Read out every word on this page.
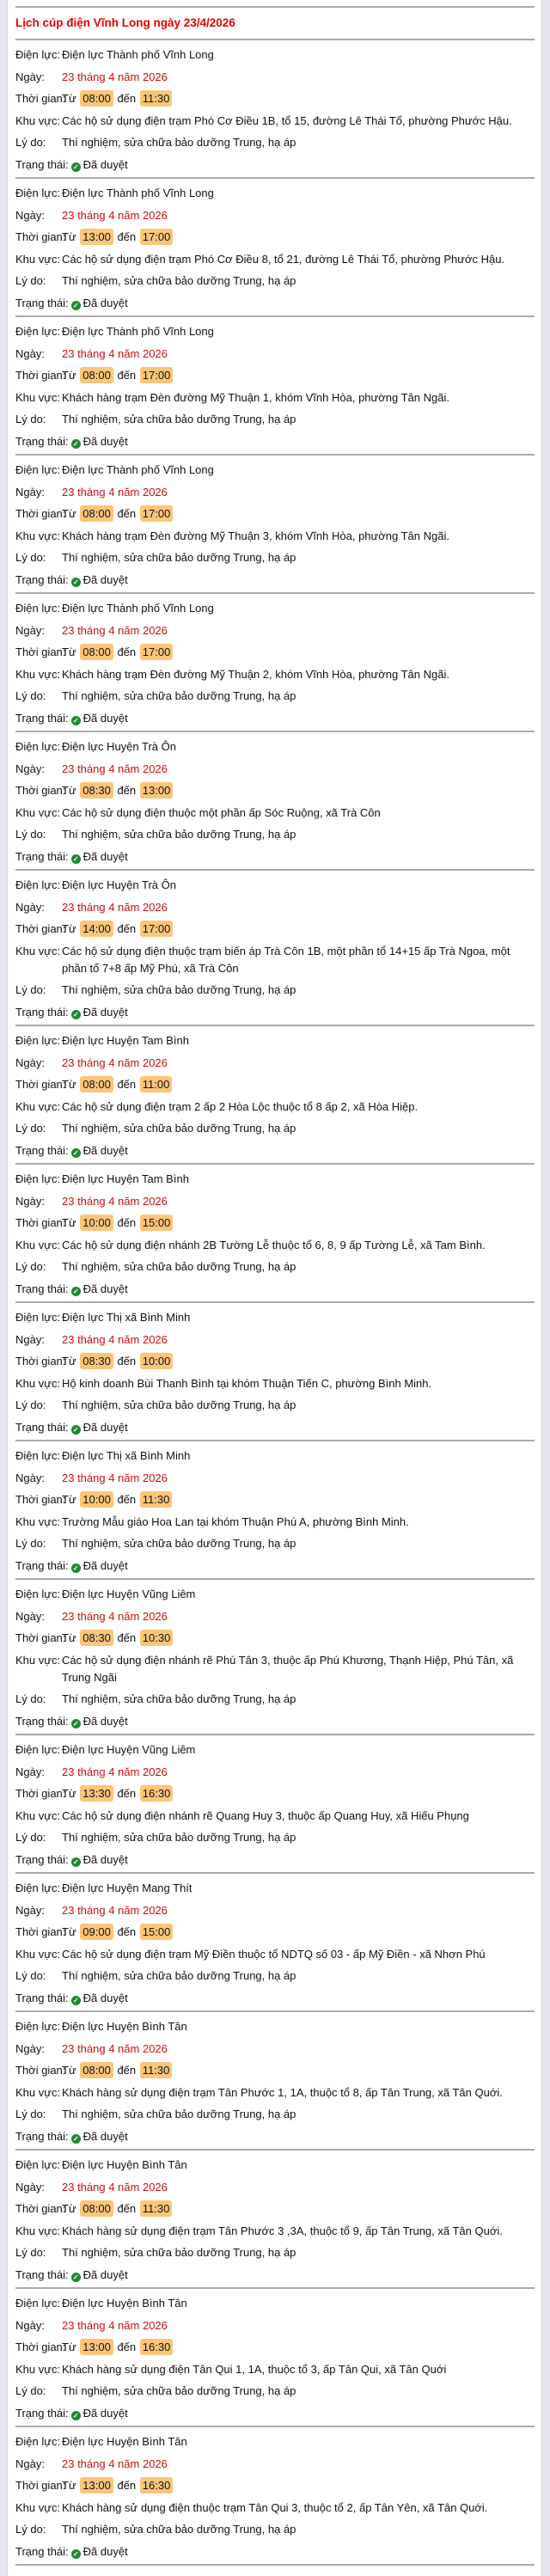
Lịch cúp điện Vĩnh Long ngày 23/4/2026
Điện lực: Điện lực Thành phố Vĩnh Long
Ngày:	23 tháng 4 năm 2026
Thời gian:
Từ 08:00 đến 11:30
Khu vực: Các hộ sử dụng điện trạm Phó Cơ Điều 1B, tổ 15, đường Lê Thái Tổ, phường Phước Hậu.
Lý do:	Thí nghiệm, sửa chữa bảo dưỡng Trung, hạ áp
Trạng thái: ✓ Đã duyệt
Điện lực: Điện lực Thành phố Vĩnh Long
Ngày:	23 tháng 4 năm 2026
Thời gian:
Từ 13:00 đến 17:00
Khu vực: Các hộ sử dụng điện trạm Phó Cơ Điều 8, tổ 21, đường Lê Thái Tổ, phường Phước Hậu.
Lý do:	Thí nghiệm, sửa chữa bảo dưỡng Trung, hạ áp
Trạng thái: ✓ Đã duyệt
Điện lực: Điện lực Thành phố Vĩnh Long
Ngày:	23 tháng 4 năm 2026
Thời gian:
Từ 08:00 đến 17:00
Khu vực: Khách hàng trạm Đèn đường Mỹ Thuận 1, khóm Vĩnh Hòa, phường Tân Ngãi.
Lý do:	Thí nghiệm, sửa chữa bảo dưỡng Trung, hạ áp
Trạng thái: ✓ Đã duyệt
Điện lực: Điện lực Thành phố Vĩnh Long
Ngày:	23 tháng 4 năm 2026
Thời gian:
Từ 08:00 đến 17:00
Khu vực: Khách hàng trạm Đèn đường Mỹ Thuận 3, khóm Vĩnh Hòa, phường Tân Ngãi.
Lý do:	Thí nghiệm, sửa chữa bảo dưỡng Trung, hạ áp
Trạng thái: ✓ Đã duyệt
Điện lực: Điện lực Thành phố Vĩnh Long
Ngày:	23 tháng 4 năm 2026
Thời gian:
Từ 08:00 đến 17:00
Khu vực: Khách hàng trạm Đèn đường Mỹ Thuận 2, khóm Vĩnh Hòa, phường Tân Ngãi.
Lý do:	Thí nghiệm, sửa chữa bảo dưỡng Trung, hạ áp
Trạng thái: ✓ Đã duyệt
Điện lực: Điện lực Huyện Trà Ôn
Ngày:	23 tháng 4 năm 2026
Thời gian:
Từ 08:30 đến 13:00
Khu vực: Các hộ sử dụng điện thuộc một phần ấp Sóc Ruộng, xã Trà Côn
Lý do:	Thí nghiệm, sửa chữa bảo dưỡng Trung, hạ áp
Trạng thái: ✓ Đã duyệt
Điện lực: Điện lực Huyện Trà Ôn
Ngày:	23 tháng 4 năm 2026
Thời gian:
Từ 14:00 đến 17:00
Khu vực: Các hộ sử dụng điện thuộc trạm biến áp Trà Côn 1B, một phần tổ 14+15 ấp Trà Ngoa, một phần tổ 7+8 ấp Mỹ Phú, xã Trà Côn
Lý do:	Thí nghiệm, sửa chữa bảo dưỡng Trung, hạ áp
Trạng thái: ✓ Đã duyệt
Điện lực: Điện lực Huyện Tam Bình
Ngày:	23 tháng 4 năm 2026
Thời gian:
Từ 08:00 đến 11:00
Khu vực: Các hộ sử dụng điện trạm 2 ấp 2 Hòa Lộc thuộc tổ 8 ấp 2, xã Hòa Hiệp.
Lý do:	Thí nghiệm, sửa chữa bảo dưỡng Trung, hạ áp
Trạng thái: ✓ Đã duyệt
Điện lực: Điện lực Huyện Tam Bình
Ngày:	23 tháng 4 năm 2026
Thời gian:
Từ 10:00 đến 15:00
Khu vực: Các hộ sử dụng điện nhánh 2B Tường Lễ thuộc tổ 6, 8, 9 ấp Tường Lễ, xã Tam Bình.
Lý do:	Thí nghiệm, sửa chữa bảo dưỡng Trung, hạ áp
Trạng thái: ✓ Đã duyệt
Điện lực: Điện lực Thị xã Bình Minh
Ngày:	23 tháng 4 năm 2026
Thời gian:
Từ 08:30 đến 10:00
Khu vực: Hộ kinh doanh Bùi Thanh Bình tại khóm Thuận Tiến C, phường Bình Minh.
Lý do:	Thí nghiệm, sửa chữa bảo dưỡng Trung, hạ áp
Trạng thái: ✓ Đã duyệt
Điện lực: Điện lực Thị xã Bình Minh
Ngày:	23 tháng 4 năm 2026
Thời gian:
Từ 10:00 đến 11:30
Khu vực: Trường Mẫu giáo Hoa Lan tại khóm Thuận Phú A, phường Bình Minh.
Lý do:	Thí nghiệm, sửa chữa bảo dưỡng Trung, hạ áp
Trạng thái: ✓ Đã duyệt
Điện lực: Điện lực Huyện Vũng Liêm
Ngày:	23 tháng 4 năm 2026
Thời gian:
Từ 08:30 đến 10:30
Khu vực: Các hộ sử dụng điện nhánh rẽ Phú Tân 3, thuộc ấp Phú Khương, Thạnh Hiệp, Phú Tân, xã Trung Ngãi
Lý do:	Thí nghiệm, sửa chữa bảo dưỡng Trung, hạ áp
Trạng thái: ✓ Đã duyệt
Điện lực: Điện lực Huyện Vũng Liêm
Ngày:	23 tháng 4 năm 2026
Thời gian:
Từ 13:30 đến 16:30
Khu vực: Các hộ sử dụng điện nhánh rẽ Quang Huy 3, thuộc ấp Quang Huy, xã Hiếu Phụng
Lý do:	Thí nghiệm, sửa chữa bảo dưỡng Trung, hạ áp
Trạng thái: ✓ Đã duyệt
Điện lực: Điện lực Huyện Mang Thít
Ngày:	23 tháng 4 năm 2026
Thời gian:
Từ 09:00 đến 15:00
Khu vực: Các hộ sử dụng điện trạm Mỹ Điền thuộc tổ NDTQ số 03 - ấp Mỹ Điền - xã Nhơn Phú
Lý do:	Thí nghiệm, sửa chữa bảo dưỡng Trung, hạ áp
Trạng thái: ✓ Đã duyệt
Điện lực: Điện lực Huyện Bình Tân
Ngày:	23 tháng 4 năm 2026
Thời gian:
Từ 08:00 đến 11:30
Khu vực: Khách hàng sử dụng điện trạm Tân Phước 1, 1A, thuộc tổ 8, ấp Tân Trung, xã Tân Quới.
Lý do:	Thí nghiệm, sửa chữa bảo dưỡng Trung, hạ áp
Trạng thái: ✓ Đã duyệt
Điện lực: Điện lực Huyện Bình Tân
Ngày:	23 tháng 4 năm 2026
Thời gian:
Từ 08:00 đến 11:30
Khu vực: Khách hàng sử dụng điện trạm Tân Phước 3 ,3A, thuộc tổ 9, ấp Tân Trung, xã Tân Quới.
Lý do:	Thí nghiệm, sửa chữa bảo dưỡng Trung, hạ áp
Trạng thái: ✓ Đã duyệt
Điện lực: Điện lực Huyện Bình Tân
Ngày:	23 tháng 4 năm 2026
Thời gian:
Từ 13:00 đến 16:30
Khu vực: Khách hàng sử dụng điện Tân Qui 1, 1A, thuộc tổ 3, ấp Tân Qui, xã Tân Quới
Lý do:	Thí nghiệm, sửa chữa bảo dưỡng Trung, hạ áp
Trạng thái: ✓ Đã duyệt
Điện lực: Điện lực Huyện Bình Tân
Ngày:	23 tháng 4 năm 2026
Thời gian:
Từ 13:00 đến 16:30
Khu vực: Khách hàng sử dụng điện thuộc trạm Tân Qui 3, thuộc tổ 2, ấp Tân Yên, xã Tân Quới.
Lý do:	Thí nghiệm, sửa chữa bảo dưỡng Trung, hạ áp
Trạng thái: ✓ Đã duyệt
